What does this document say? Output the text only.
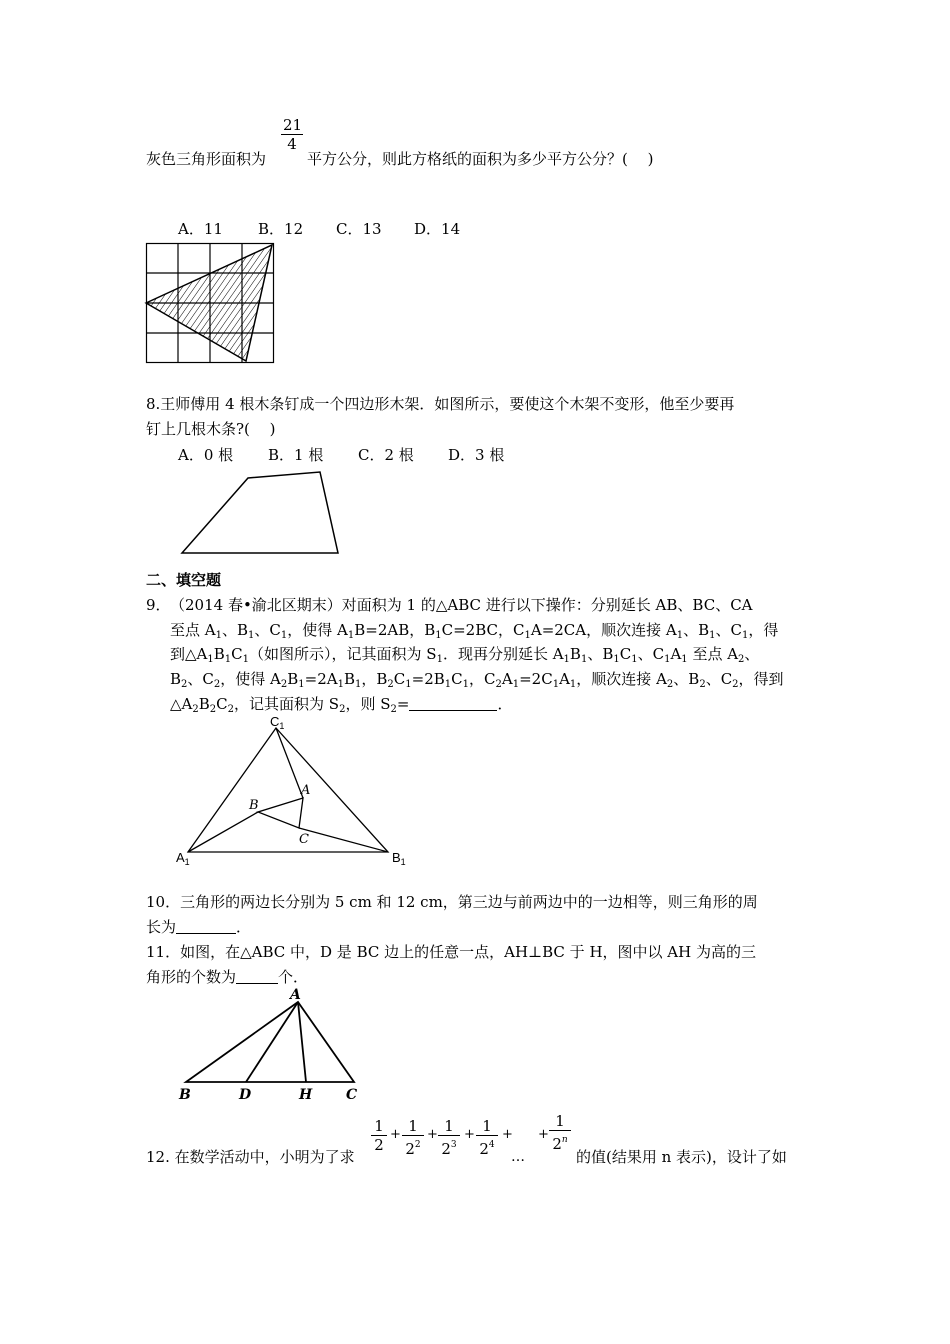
$\frac{21}{4}$
灰色三角形面积为	平方公分，则此方格纸的面积为多少平方公分？(　 )
A．11 B．12 C．13 D．14
8.王师傅用 4 根木条钉成一个四边形木架．如图所示，要使这个木架不变形，他至少要再
钉上几根木条?(　 )
A．0 根 B．1 根 C．2 根 D．3 根
二、填空题
9． （2014 春•渝北区期末）对面积为 1 的△ABC 进行以下操作：分别延长 AB、BC、CA
至点 $A_1$、$B_1$、$C_1$，使得 $A_1B=2AB$，$B_1C=2BC$，$C_1A=2CA$，顺次连接 $A_1$、$B_1$、$C_1$，得
到$\triangle A_1B_1C_1$（如图所示），记其面积为 $S_1$．现再分别延长 $A_1B_1$、$B_1C_1$、$C_1A_1$ 至点 $A_2$、
$B_2$、$C_2$，使得 $A_2B_1=2A_1B_1$，$B_2C_1=2B_1C_1$，$C_2A_1=2C_1A_1$，顺次连接 $A_2$、$B_2$、$C_2$，得到
$\triangle A_2B_2C_2$，记其面积为 $S_2$，则 $S_2=$	．
$C_1$
$A_1$	$B_1$
A
B
C
10．三角形的两边长分别为 5 cm 和 12 cm，第三边与前两边中的一边相等，则三角形的周
长为	．
11．如图，在△ABC 中，D 是 BC 边上的任意一点，AH⊥BC 于 H，图中以 AH 为高的三
角形的个数为	个．
A
B	D	H C
12. 在数学活动中，小明为了求
$\frac{1}{2} + \frac{1}{2^2} + \frac{1}{2^3} + \frac{1}{2^4}$ +
…
+ $\frac{1}{2^n}$
的值(结果用 n 表示)，设计了如
